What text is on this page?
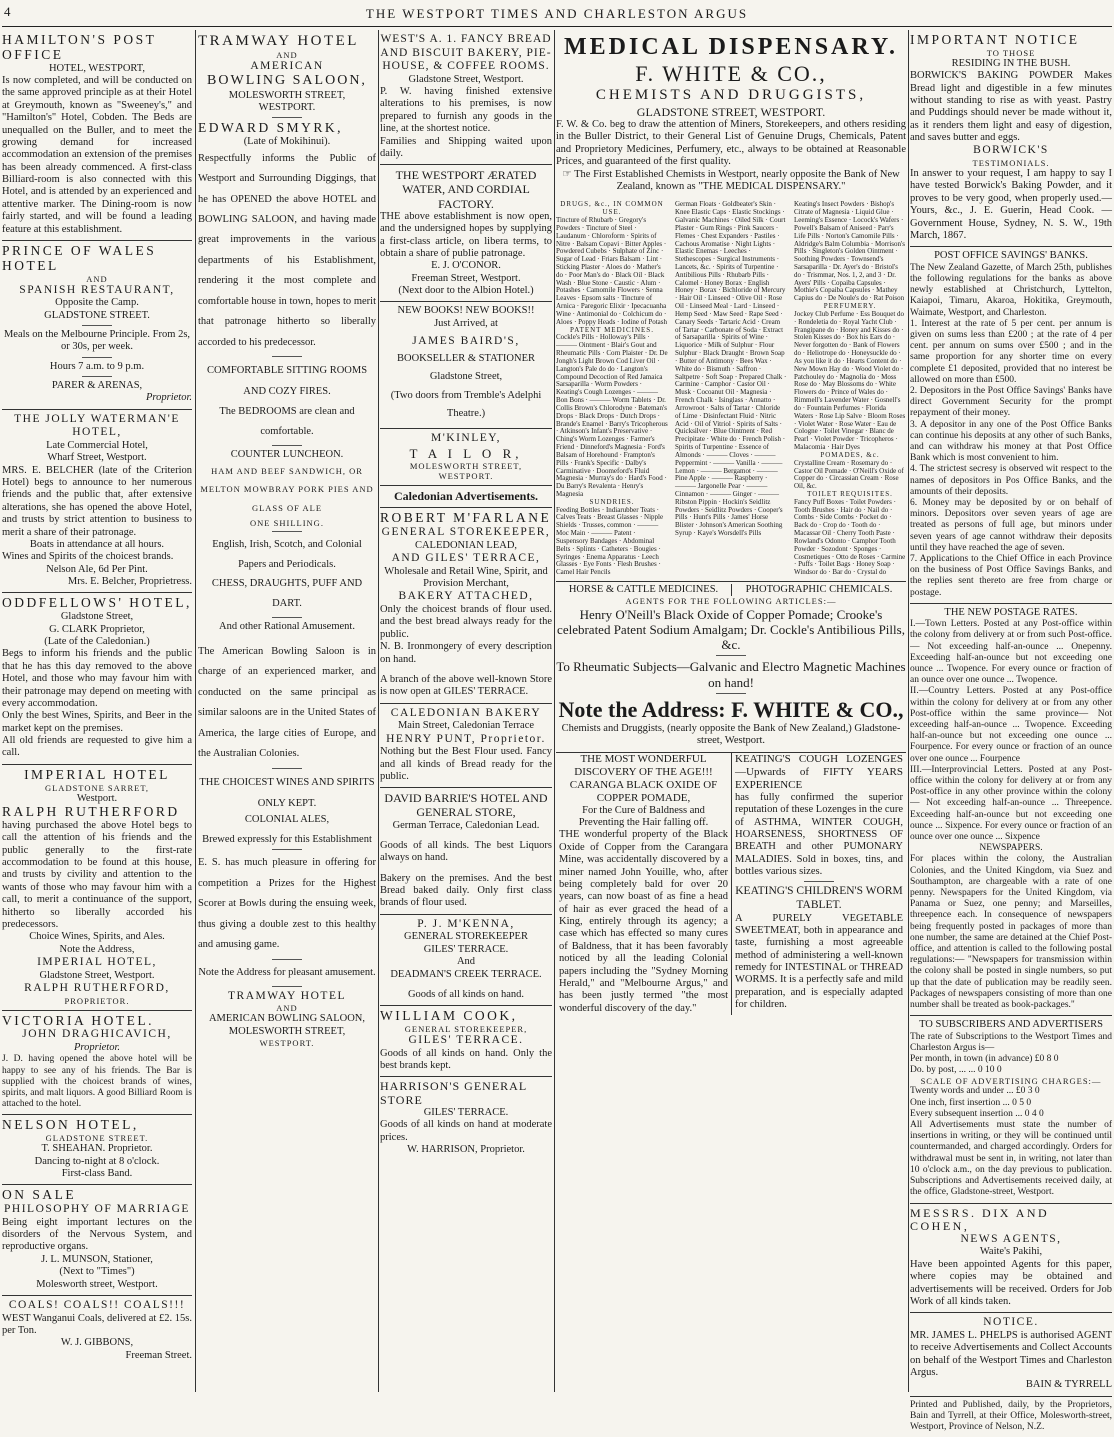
4	THE WESTPORT TIMES AND CHARLESTON ARGUS

HAMILTON'S POST OFFICE

HOTEL, WESTPORT,

Is now completed, and will be conducted on the same approved principle as at their Hotel at Greymouth, known as "Sweeney's," and "Hamilton's" Hotel, Cobden. The Beds are unequalled on the Buller, and to meet the growing demand for increased accommodation an extension of the premises has been already commenced. A first-class Billiard-room is also connected with this Hotel, and is attended by an experienced and attentive marker. The Dining-room is now fairly started, and will be found a leading feature at this establishment.

PRINCE OF WALES HOTEL

AND

SPANISH RESTAURANT,

Opposite the Camp.

GLADSTONE STREET.

Meals on the Melbourne Principle. From 2s, or 30s, per week.

Hours 7 a.m. to 9 p.m.

PARER & ARENAS,

Proprietor.

THE JOLLY WATERMAN'E HOTEL,

Late Commercial Hotel,

Wharf Street, Westport.

MRS. E. BELCHER (late of the Criterion Hotel) begs to announce to her numerous friends and the public that, after extensive alterations, she has opened the above Hotel, and trusts by strict attention to business to merit a share of their patronage.

Boats in attendance at all hours.

Wines and Spirits of the choicest brands.

Nelson Ale, 6d Per Pint.

Mrs. E. Belcher, Proprietress.

ODDFELLOWS' HOTEL,

Gladstone Street,

G. CLARK Proprietor,

(Late of the Caledonian.)

Begs to inform his friends and the public that he has this day removed to the above Hotel, and those who may favour him with their patronage may depend on meeting with every accommodation.

Only the best Wines, Spirits, and Beer in the market kept on the premises.

All old friends are requested to give him a call.

IMPERIAL HOTEL

GLADSTONE SARRET,

Westport.

RALPH RUTHERFORD

having purchased the above Hotel begs to call the attention of his friends and the public generally to the first-rate accommodation to be found at this house, and trusts by civility and attention to the wants of those who may favour him with a call, to merit a continuance of the support, hitherto so liberally accorded his predecessors.

Choice Wines, Spirits, and Ales.

Note the Address,

IMPERIAL HOTEL,

Gladstone Street, Westport.

RALPH RUTHERFORD,

PROPRIETOR.

VICTORIA HOTEL.

JOHN DRAGHICAVICH,

Proprietor.

J. D. having opened the above hotel will be happy to see any of his friends. The Bar is supplied with the choicest brands of wines, spirits, and malt liquors. A good Billiard Room is attached to the hotel.

NELSON HOTEL,

GLADSTONE STREET.

T. SHEAHAN. Proprietor.

Dancing to-night at 8 o'clock.

First-class Band.

ON SALE

PHILOSOPHY OF MARRIAGE

Being eight important lectures on the disorders of the Nervous System, and reproductive organs.

J. L. MUNSON, Stationer,

(Next to "Times")

Molesworth street, Westport.

COALS! COALS!! COALS!!!

WEST Wanganui Coals, delivered at £2. 15s. per Ton.

W. J. GIBBONS,

Freeman Street.

TRAMWAY HOTEL

AND

AMERICAN

BOWLING SALOON,

MOLESWORTH STREET,

WESTPORT.

EDWARD SMYRK,

(Late of Mokihinui).

Respectfully informs the Public of Westport and Surrounding Diggings, that he has OPENED the above HOTEL and BOWLING SALOON, and having made great improvements in the various departments of his Establishment, rendering it the most complete and comfortable house in town, hopes to merit that patronage hitherto so liberally accorded to his predecessor.

COMFORTABLE SITTING ROOMS AND COZY FIRES.

The BEDROOMS are clean and comfortable.

COUNTER LUNCHEON.

HAM AND BEEF SANDWICH, OR MELTON MOWBRAY PORK PIES AND GLASS OF ALE

ONE SHILLING.

English, Irish, Scotch, and Colonial Papers and Periodicals.

CHESS, DRAUGHTS, PUFF AND DART.

And other Rational Amusement.

The American Bowling Saloon is in charge of an experienced marker, and conducted on the same principal as similar saloons are in the United States of America, the large cities of Europe, and the Australian Colonies.

THE CHOICEST WINES AND SPIRITS ONLY KEPT.

COLONIAL ALES,

Brewed expressly for this Establishment

E. S. has much pleasure in offering for competition a Prizes for the Highest Scorer at Bowls during the ensuing week, thus giving a double zest to this healthy and amusing game.

Note the Address for pleasant amusement.

TRAMWAY HOTEL

AND

AMERICAN BOWLING SALOON,

MOLESWORTH STREET,

WESTPORT.

WEST'S A. 1. FANCY BREAD AND BISCUIT BAKERY, PIE-HOUSE, & COFFEE ROOMS.

Gladstone Street, Westport.

P. W. having finished extensive alterations to his premises, is now prepared to furnish any goods in the line, at the shortest notice.

Families and Shipping waited upon daily.

THE WESTPORT ÆRATED WATER, AND CORDIAL FACTORY.

THE above establishment is now open, and the undersigned hopes by supplying a first-class article, on libera terms, to obtain a share of publie patronage.

E. J. O'CONOR.

Freeman Street, Westport.

(Next door to the Albion Hotel.)

NEW BOOKS! NEW BOOKS!!

Just Arrived, at

JAMES BAIRD'S,

BOOKSELLER & STATIONER

Gladstone Street,

(Two doors from Tremble's Adelphi Theatre.)

M'KINLEY,

T A I L O R,

MOLESWORTH STREET,

WESTPORT.

Caledonian Advertisements.

ROBERT M'FARLANE

GENERAL STOREKEEPER,

CALEDONIAN LEAD,

AND GILES' TERRACE,

Wholesale and Retail Wine, Spirit, and Provision Merchant,

BAKERY ATTACHED,

Only the choicest brands of flour used. and the best bread always ready for the public.

N. B. Ironmongery of every description on hand.

A branch of the above well-known Store is now open at GILES' TERRACE.

CALEDONIAN BAKERY

Main Street, Caledonian Terrace

HENRY PUNT, Proprietor.

Nothing but the Best Flour used. Fancy and all kinds of Bread ready for the public.

DAVID BARRIE'S HOTEL AND GENERAL STORE,

German Terrace, Caledonian Lead.

Goods of all kinds. The best Liquors always on hand.

Bakery on the premises. And the best Bread baked daily. Only first class brands of flour used.

P. J. M'KENNA,

GENERAL STOREKEEPER

GILES' TERRACE.

And

DEADMAN'S CREEK TERRACE.

Goods of all kinds on hand.

WILLIAM COOK,

GENERAL STOREKEEPER,

GILES' TERRACE.

Goods of all kinds on hand. Only the best brands kept.

HARRISON'S GENERAL STORE

GILES' TERRACE.

Goods of all kinds on hand at moderate prices.

W. HARRISON, Proprietor.

MEDICAL DISPENSARY.

F. WHITE & CO.,

CHEMISTS AND DRUGGISTS,

GLADSTONE STREET, WESTPORT.

F. W. & Co. beg to draw the attention of Miners, Storekeepers, and others residing in the Buller District, to their General List of Genuine Drugs, Chemicals, Patent and Proprietory Medicines, Perfumery, etc., always to be obtained at Reasonable Prices, and guaranteed of the first quality.

☞ The First Established Chemists in Westport, nearly opposite the Bank of New Zealand, known as "THE MEDICAL DISPENSARY."

DRUGS, &c., IN COMMON USE.

Tincture of Rhubarb · Gregory's Powders · Tincture of Steel · Laudanum · Chloroform · Spirits of Nitre · Balsam Copavi · Bitter Apples · Powdered Cubebs · Sulphate of Zinc · Sugar of Lead · Friars Balsam · Lint · Sticking Plaster · Aloes do · Mather's do · Poor Man's do · Black Oil · Black Wash · Blue Stone · Caustic · Alum · Potashes · Camomile Flowers · Senna Leaves · Epsom salts · Tincture of Arnica · Paregoric Elixir · Ipecacuanha Wine · Antimonial do · Colchicum do · Aloes · Poppy Heads · Iodine of Potash

PATENT MEDICINES.

Cockle's Pills · Holloway's Pills · ——— Ointment · Blair's Gout and Rheumatic Pills · Corn Plaister · Dr. De Jongh's Light Brown Cod Liver Oil · Langton's Pale do do · Langton's Compound Decoction of Red Jamaica Sarsaparilla · Worm Powders · Keating's Cough Lozenges · ——— Bon Bons · ——— Worm Tablets · Dr. Collis Brown's Chlorodyne · Bateman's Drops · Black Drops · Dutch Drops · Brande's Enamel · Barry's Tricopherous · Atkinson's Infant's Preservative · Ching's Worm Lozenges · Farmer's Friend · Dinneford's Magnesia · Ford's Balsam of Horehound · Frampton's Pills · Frank's Specific · Dalby's Carminative · Doomeford's Fluid Magnesia · Murray's do · Hard's Food · Du Barry's Revalenta · Henry's Magnesia

SUNDRIES.

Feeding Bottles · Indiarubber Teats · Calves Teats · Breast Glasses · Nipple Shields · Trusses, common · ——— Moc Main · ——— Patent · Suspensory Bandages · Abdominal Belts · Splints · Catheters · Bougies · Syringes · Enema Apparatus · Leech Glasses · Eye Fonts · Flesh Brushes · Camel Hair Pencils

German Floats · Goldbeater's Skin · Knee Elastic Caps · Elastic Stockings · Galvanic Machines · Oiled Silk · Court Plaster · Gum Rings · Pink Saucers · Flemes · Chest Expanders · Pastiles · Cachous Aromatise · Night Lights · Elastic Enemas · Leeches · Stethescopes · Surgical Instruments · Lancets, &c. · Spirits of Turpentine · Antibilious Pills · Rhubarb Pills · Calomel · Honey Borax · English Honey · Borax · Bichloride of Mercury · Hair Oil · Linseed · Olive Oil · Rose Oil · Linseed Meal · Lard · Linseed · Hemp Seed · Maw Seed · Rape Seed · Canary Seeds · Tartaric Acid · Cream of Tartar · Carbonate of Soda · Extract of Sarsaparilla · Spirits of Wine · Liquorice · Milk of Sulphur · Flour Sulphur · Black Draught · Brown Soap · Butter of Antimony · Bees Wax · White do · Bismuth · Saffron · Saltpetre · Soft Soap · Prepared Chalk · Carmine · Camphor · Castor Oil · Musk · Cocoanut Oil · Magnesia · French Chalk · Isinglass · Annatto · Arrowroot · Salts of Tartar · Chloride of Lime · Disinfectant Fluid · Nitric Acid · Oil of Vitriol · Spirits of Salts · Quicksilver · Blue Ointment · Red Precipitate · White do · French Polish · Spirits of Turpentine · Essence of Almonds · ——— Cloves · ——— Peppermint · ——— Vanilla · ——— Lemon · ——— Bergamot · ——— Pine Apple · ——— Raspberry · ——— Jargonelle Pear · ——— Cinnamon · ——— Ginger · ——— Ribston Pippin · Hockin's Seidlitz Powders · Seidlitz Powders · Cooper's Pills · Hunt's Pills · James' Horse Blister · Johnson's American Soothing Syrup · Kaye's Worsdell's Pills

Keating's Insect Powders · Bishop's Citrate of Magnesia · Liquid Glue · Leeming's Essence · Locock's Wafers · Powell's Balsam of Aniseed · Parr's Life Pills · Norton's Camomile Pills · Aldridge's Balm Columbia · Morrison's Pills · Singleton's Golden Ointment · Soothing Powders · Townsend's Sarsaparilla · Dr. Ayer's do · Bristol's do · Trismmar, Nos. 1, 2, and 3 · Dr. Ayers' Pills · Copaiba Capsules · Mothie's Copaiba Capsules · Mathey Capius do · De Noule's do · Rat Poison

PERFUMERY.

Jockey Club Perfume · Ess Bouquet do · Rondeletia do · Royal Yacht Club · Frangipane do · Honey and Kisses do · Stolen Kisses do · Box his Ears do · Never forgotten do · Bank of Flowers do · Heliotrope do · Honeysuckle do · As you like it do · Hearts Content do · New Mown Hay do · Wood Violet do · Patchouley do · Magnolia do · Moss Rose do · May Blossoms do · White Flowers do · Prince of Wales do · Rimmell's Lavender Water · Gosnell's do · Fountain Perfumes · Florida Waters · Rose Lip Salve · Bloom Roses · Violet Water · Rose Water · Eau de Cologne · Toilet Vinegar · Blanc de Pearl · Violet Powder · Tricopheros · Malacomia · Hair Dyes

POMADES, &c.

Crystalline Cream · Rosemary do · Castor Oil Pomade · O'Neill's Oxide of Copper do · Circassian Cream · Rose Oil, &c.

TOILET REQUISITES.

Fancy Puff Boxes · Toilet Powders · Tooth Brushes · Hair do · Nail do · Combs · Side Combs · Pocket do · Back do · Crop do · Tooth do · Macassar Oil · Cherry Tooth Paste · Rowland's Odonto · Camphor Tooth Powder · Sozodont · Sponges · Cosmetiques · Otto de Roses · Carmine · Puffs · Toilet Bags · Honey Soap · Windsor do · Bar do · Crystal do

HORSE & CATTLE MEDICINES.	PHOTOGRAPHIC CHEMICALS.

AGENTS FOR THE FOLLOWING ARTICLES:—

Henry O'Neill's Black Oxide of Copper Pomade; Crooke's celebrated Patent Sodium Amalgam; Dr. Cockle's Antibilious Pills, &c.

To Rheumatic Subjects—Galvanic and Electro Magnetic Machines on hand!

Note the Address: F. WHITE & CO.,

Chemists and Druggists, (nearly opposite the Bank of New Zealand,) Gladstone-street, Westport.

THE MOST WONDERFUL DISCOVERY OF THE AGE!!! CARANGA BLACK OXIDE OF COPPER POMADE,

For the Cure of Baldness and Preventing the Hair falling off.

THE wonderful property of the Black Oxide of Copper from the Carangara Mine, was accidentally discovered by a miner named John Youille, who, after being completely bald for over 20 years, can now boast of as fine a head of hair as ever graced the head of a King, entirely through its agency; a case which has effected so many cures of Baldness, that it has been favorably noticed by all the leading Colonial papers including the "Sydney Morning Herald," and "Melbourne Argus," and has been justly termed "the most wonderful discovery of the day."

KEATING'S COUGH LOZENGES —Upwards of FIFTY YEARS EXPERIENCE

has fully confirmed the superior reputation of these Lozenges in the cure of ASTHMA, WINTER COUGH, HOARSENESS, SHORTNESS OF BREATH and other PUMONARY MALADIES. Sold in boxes, tins, and bottles various sizes.

KEATING'S CHILDREN'S WORM TABLET.

A PURELY VEGETABLE SWEETMEAT, both in appearance and taste, furnishing a most agreeable method of administering a well-known remedy for INTESTINAL or THREAD WORMS. It is a perfectly safe and mild preparation, and is especially adapted for children.

IMPORTANT NOTICE

TO THOSE

RESIDING IN THE BUSH.

BORWICK'S BAKING POWDER Makes Bread light and digestible in a few minutes without standing to rise as with yeast. Pastry and Puddings should never be made without it, as it renders them light and easy of digestion, and saves butter and eggs.

BORWICK'S

TESTIMONIALS.

In answer to your request, I am happy to say I have tested Borwick's Baking Powder, and it proves to be very good, when properly used.—Yours, &c., J. E. Guerin, Head Cook. —Government House, Sydney, N. S. W., 19th March, 1867.

POST OFFICE SAVINGS' BANKS.

The New Zealand Gazette, of March 25th, publishes the following regulations for the banks as above newly established at Christchurch, Lyttelton, Kaiapoi, Timaru, Akaroa, Hokitika, Greymouth, Waimate, Westport, and Charleston.

1. Interest at the rate of 5 per cent. per annum is given on sums less than £200 ; at the rate of 4 per cent. per annum on sums over £500 ; and in the same proportion for any shorter time on every complete £1 deposited, provided that no interest be allowed on more than £500.

2. Depositors in the Post Office Savings' Banks have direct Government Security for the prompt repayment of their money.

3. A depositor in any one of the Post Office Banks can continue his deposits at any other of such Banks, and can withdraw his money at that Post Office Bank which is most convenient to him.

4. The strictest secresy is observed wit respect to the names of depositors in Pos Office Banks, and the amounts of their deposits.

6. Money may be deposited by or on behalf of minors. Depositors over seven years of age are treated as persons of full age, but minors under seven years of age cannot withdraw their deposits until they have reached the age of seven.

7. Applications to the Chief Office in each Province on the business of Post Office Savings Banks, and the replies sent thereto are free from charge or postage.

THE NEW POSTAGE RATES.

I.—Town Letters. Posted at any Post-office within the colony from delivery at or from such Post-office.— Not exceeding half-an-ounce ... Onepenny. Exceeding half-an-ounce but not exceeding one ounce ... Twopence. For every ounce or fraction of an ounce over one ounce ... Twopence.

II.—Country Letters. Posted at any Post-office within the colony for delivery at or from any other Post-office within the same province— Not exceeding half-an-ounce ... Twopence. Exceeding half-an-ounce but not exceeding one ounce ... Fourpence. For every ounce or fraction of an ounce over one ounce ... Fourpence

III.—Interprovincial Letters. Posted at any Post-office within the colony for delivery at or from any Post-office in any other province within the colony— Not exceeding half-an-ounce ... Threepence. Exceeding half-an-ounce but not exceeding one ounce ... Sixpence. For every ounce or fraction of an ounce over one ounce ... Sixpence

NEWSPAPERS.

For places within the colony, the Australian Colonies, and the United Kingdom, via Suez and Southampton, are chargeable with a rate of one penny. Newspapers for the United Kingdom, via Panama or Suez, one penny; and Marseilles, threepence each. In consequence of newspapers being frequently posted in packages of more than one number, the same are detained at the Chief Post-office, and attention is called to the following postal regulations:— "Newspapers for transmission within the colony shall be posted in single numbers, so put up that the date of publication may be readily seen. Packages of newspapers consisting of more than one number shall be treated as book-packages."

TO SUBSCRIBERS AND ADVERTISERS

The rate of Subscriptions to the Westport Times and Charleston Argus is—

Per month, in town (in advance) £0 8 0

Do. by post, ... ... 0 10 0

SCALE OF ADVERTISING CHARGES:—

Twenty words and under ... £0 3 0

One inch, first insertion ... 0 5 0

Every subsequent insertion ... 0 4 0

All Advertisements must state the number of insertions in writing, or they will be continued until countermanded, and charged accordingly. Orders for withdrawal must be sent in, in writing, not later than 10 o'clock a.m., on the day previous to publication. Subscriptions and Advertisements received daily, at the office, Gladstone-street, Westport.

MESSRS. DIX AND COHEN,

NEWS AGENTS,

Waite's Pakihi,

Have been appointed Agents for this paper, where copies may be obtained and advertisements will be received. Orders for Job Work of all kinds taken.

NOTICE.

MR. JAMES L. PHELPS is authorised AGENT to receive Advertisements and Collect Accounts on behalf of the Westport Times and Charleston Argus.

BAIN & TYRRELL

Printed and Published, daily, by the Proprietors, Bain and Tyrrell, at their Office, Molesworth-street, Westport, Province of Nelson, N.Z.
